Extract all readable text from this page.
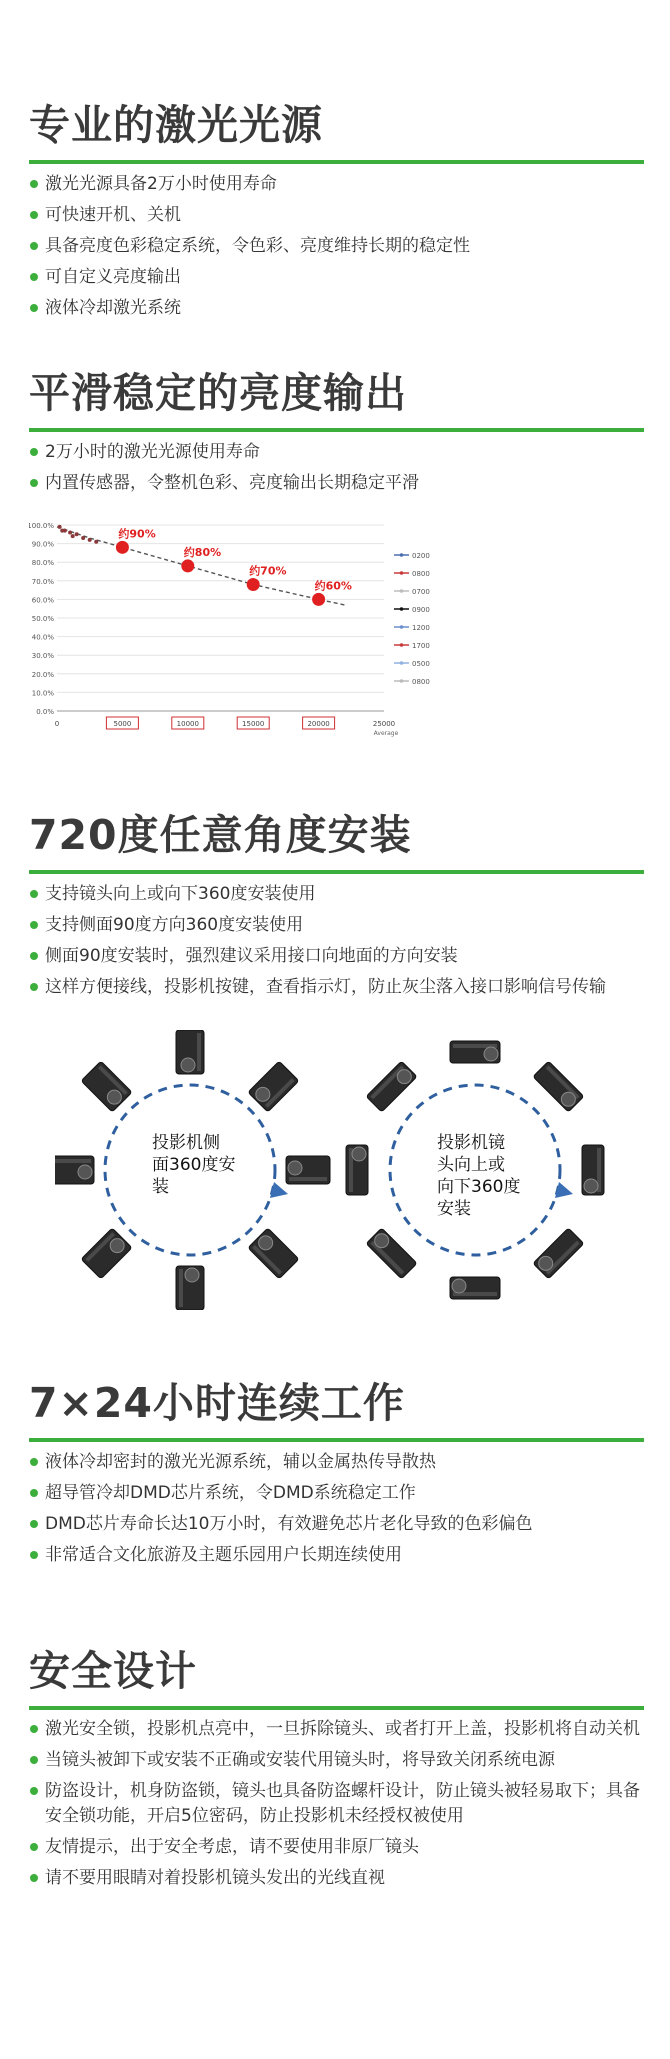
专业的激光光源
激光光源具备2万小时使用寿命
可快速开机、关机
具备亮度色彩稳定系统，令色彩、亮度维持长期的稳定性
可自定义亮度输出
液体冷却激光系统
平滑稳定的亮度输出
2万小时的激光光源使用寿命
内置传感器，令整机色彩、亮度输出长期稳定平滑
100.0%
90.0%
80.0%
70.0%
60.0%
50.0%
40.0%
30.0%
20.0%
10.0%
0.0%
0	5000	10000	15000	20000	25000
Average
约90%
约80%
约70%
约60%
0200
0800
0700
0900
1200
1700
0500
0800
720度任意角度安装
支持镜头向上或向下360度安装使用
支持侧面90度方向360度安装使用
侧面90度安装时，强烈建议采用接口向地面的方向安装
这样方便接线，投影机按键，查看指示灯，防止灰尘落入接口影响信号传输
投影机侧
面360度安
装
投影机镜
头向上或
向下360度
安装
7×24小时连续工作
液体冷却密封的激光光源系统，辅以金属热传导散热
超导管冷却DMD芯片系统，令DMD系统稳定工作
DMD芯片寿命长达10万小时，有效避免芯片老化导致的色彩偏色
非常适合文化旅游及主题乐园用户长期连续使用
安全设计
激光安全锁，投影机点亮中，一旦拆除镜头、或者打开上盖，投影机将自动关机
当镜头被卸下或安装不正确或安装代用镜头时，将导致关闭系统电源
防盗设计，机身防盗锁，镜头也具备防盗螺杆设计，防止镜头被轻易取下；具备安全锁功能，开启5位密码，防止投影机未经授权被使用
友情提示，出于安全考虑，请不要使用非原厂镜头
请不要用眼睛对着投影机镜头发出的光线直视
